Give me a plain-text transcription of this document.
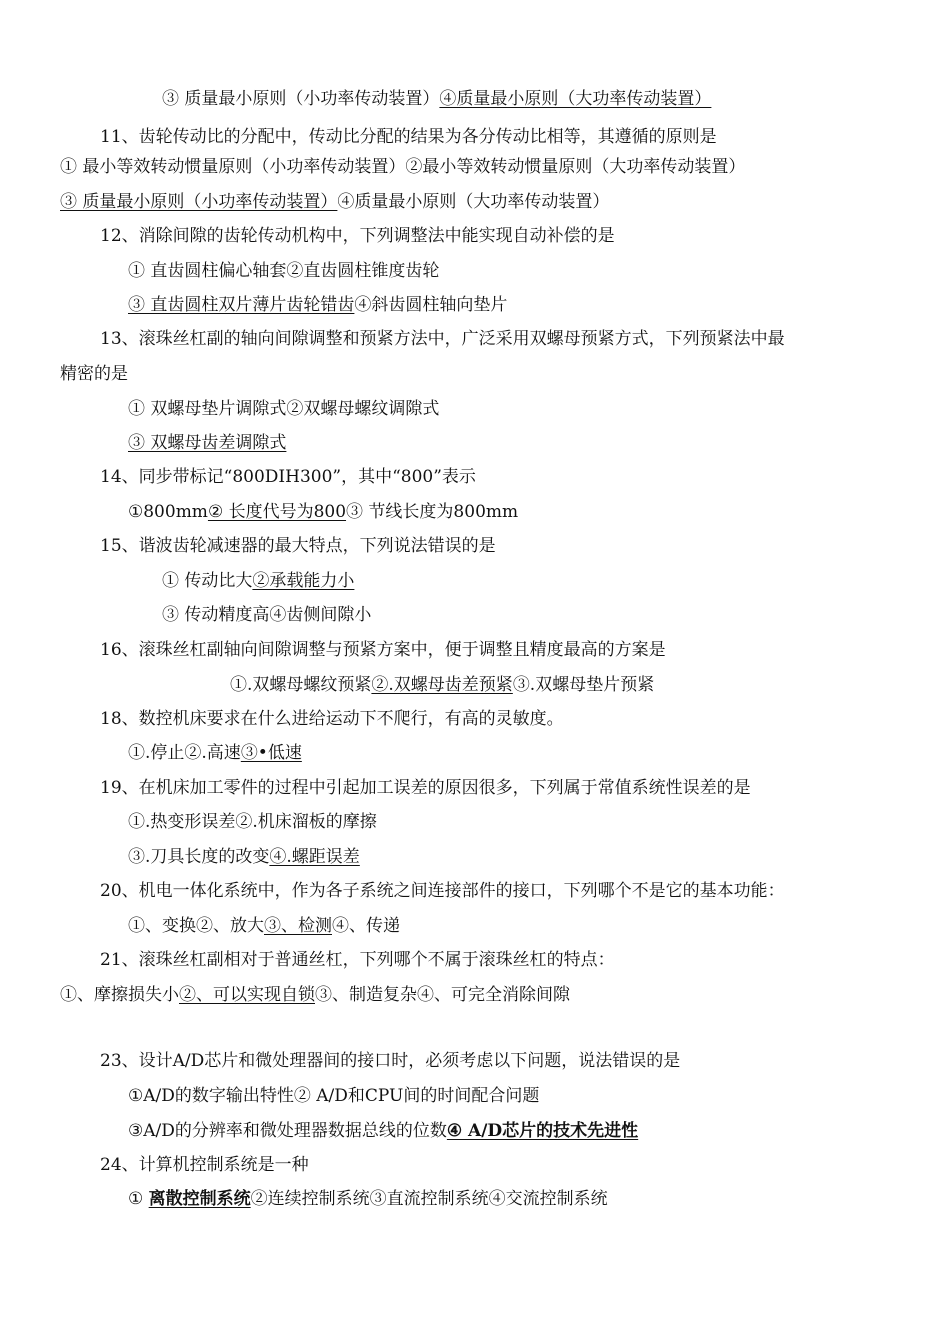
③ 质量最小原则（小功率传动装置）④质量最小原则（大功率传动装置）
11、齿轮传动比的分配中，传动比分配的结果为各分传动比相等，其遵循的原则是
① 最小等效转动惯量原则（小功率传动装置）②最小等效转动惯量原则（大功率传动装置）
③ 质量最小原则（小功率传动装置）④质量最小原则（大功率传动装置）
12、消除间隙的齿轮传动机构中，下列调整法中能实现自动补偿的是
① 直齿圆柱偏心轴套②直齿圆柱锥度齿轮
③ 直齿圆柱双片薄片齿轮错齿④斜齿圆柱轴向垫片
13、滚珠丝杠副的轴向间隙调整和预紧方法中，广泛采用双螺母预紧方式，下列预紧法中最
精密的是
① 双螺母垫片调隙式②双螺母螺纹调隙式
③ 双螺母齿差调隙式
14、同步带标记“800DIH300”，其中“800”表示
①800mm② 长度代号为800③ 节线长度为800mm
15、谐波齿轮减速器的最大特点，下列说法错误的是
① 传动比大②承载能力小
③ 传动精度高④齿侧间隙小
16、滚珠丝杠副轴向间隙调整与预紧方案中，便于调整且精度最高的方案是
①.双螺母螺纹预紧②.双螺母齿差预紧③.双螺母垫片预紧
18、数控机床要求在什么进给运动下不爬行，有高的灵敏度。
①.停止②.高速③•低速
19、在机床加工零件的过程中引起加工误差的原因很多，下列属于常值系统性误差的是
①.热变形误差②.机床溜板的摩擦
③.刀具长度的改变④.螺距误差
20、机电一体化系统中，作为各子系统之间连接部件的接口，下列哪个不是它的基本功能：
①、变换②、放大③、检测④、传递
21、滚珠丝杠副相对于普通丝杠，下列哪个不属于滚珠丝杠的特点：
①、摩擦损失小②、可以实现自锁③、制造复杂④、可完全消除间隙
23、设计A/D芯片和微处理器间的接口时，必须考虑以下问题，说法错误的是
①A/D的数字输出特性② A/D和CPU间的时间配合问题
③A/D的分辨率和微处理器数据总线的位数④ A/D芯片的技术先进性
24、计算机控制系统是一种
① 离散控制系统②连续控制系统③直流控制系统④交流控制系统
